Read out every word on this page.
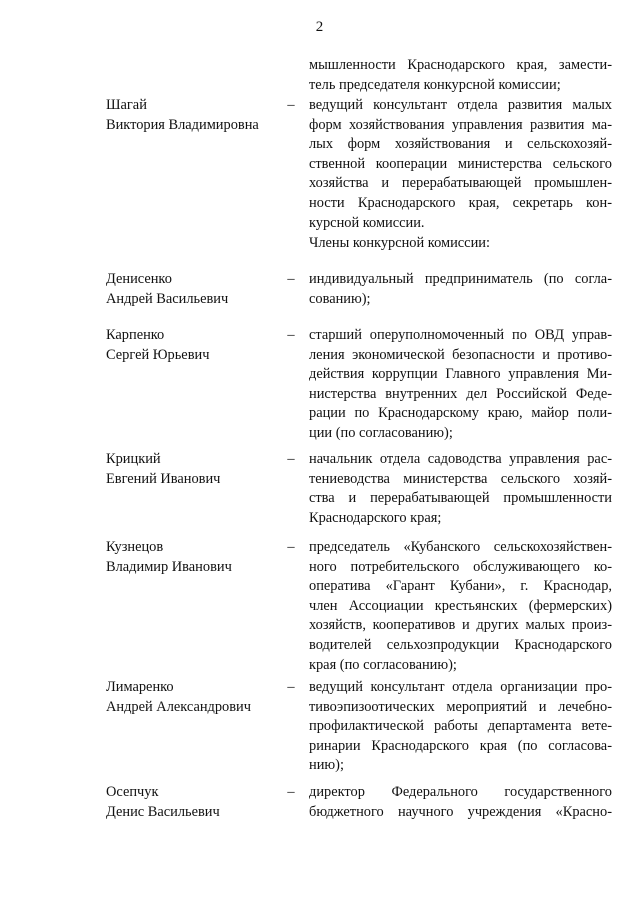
2
мышленности Краснодарского края, замести-
тель председателя конкурсной комиссии;
Шагай
Виктория Владимировна
– ведущий консультант отдела развития малых
форм хозяйствования управления развития ма-
лых форм хозяйствования и сельскохозяй-
ственной кооперации министерства сельского
хозяйства и перерабатывающей промышлен-
ности Краснодарского края, секретарь кон-
курсной комиссии.
Члены конкурсной комиссии:
Денисенко
Андрей Васильевич
– индивидуальный предприниматель (по согла-
сованию);
Карпенко
Сергей Юрьевич
– старший оперуполномоченный по ОВД управ-
ления экономической безопасности и противо-
действия коррупции Главного управления Ми-
нистерства внутренних дел Российской Феде-
рации по Краснодарскому краю, майор поли-
ции (по согласованию);
Крицкий
Евгений Иванович
– начальник отдела садоводства управления рас-
тениеводства министерства сельского хозяй-
ства и перерабатывающей промышленности
Краснодарского края;
Кузнецов
Владимир Иванович
– председатель «Кубанского сельскохозяйствен-
ного потребительского обслуживающего ко-
оператива «Гарант Кубани», г. Краснодар,
член Ассоциации крестьянских (фермерских)
хозяйств, кооперативов и других малых произ-
водителей сельхозпродукции Краснодарского
края (по согласованию);
Лимаренко
Андрей Александрович
– ведущий консультант отдела организации про-
тивоэпизоотических мероприятий и лечебно-
профилактической работы департамента вете-
ринарии Краснодарского края (по согласова-
нию);
Осепчук
Денис Васильевич
– директор Федерального государственного
бюджетного научного учреждения «Красно-
